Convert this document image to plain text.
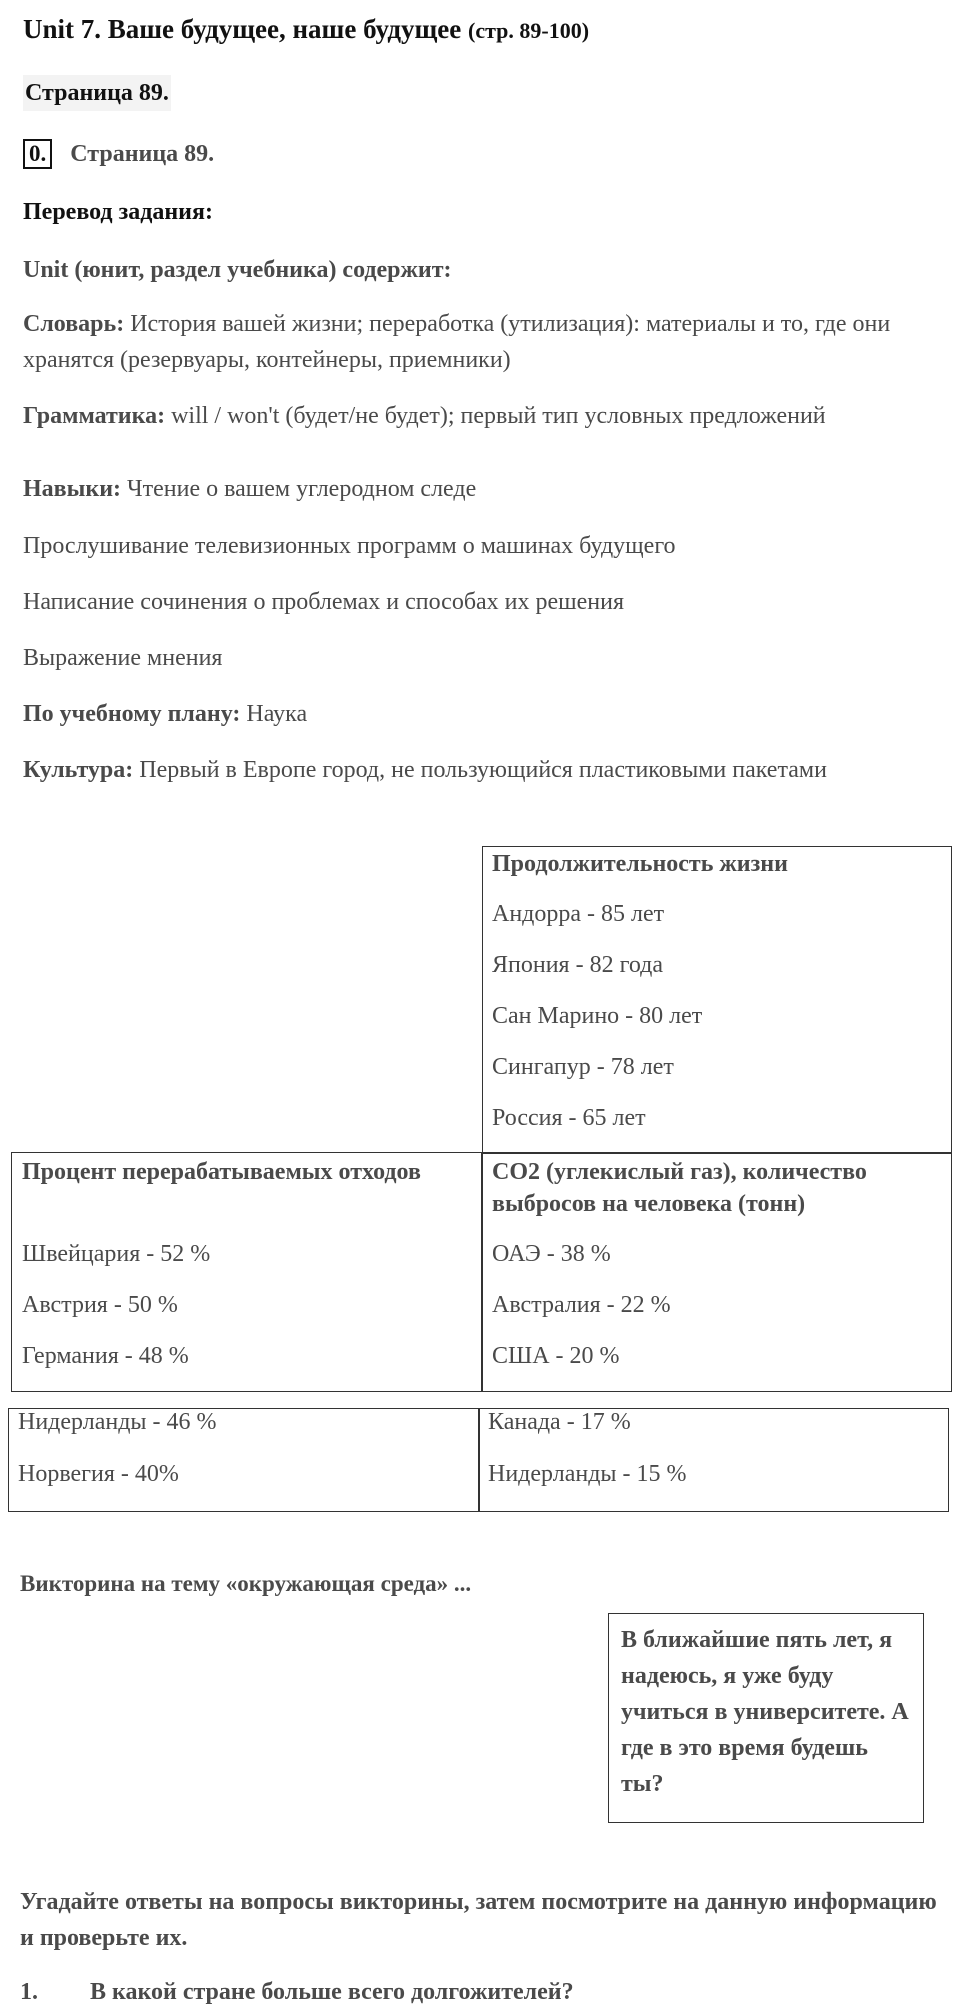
Unit 7. Ваше будущее, наше будущее (стр. 89-100)
Страница 89.
0. Страница 89.
Перевод задания:
Unit (юнит, раздел учебника) содержит:
Словарь: История вашей жизни; переработка (утилизация): материалы и то, где они хранятся (резервуары, контейнеры, приемники)
Грамматика: will / won't (будет/не будет); первый тип условных предложений
Навыки: Чтение о вашем углеродном следе
Прослушивание телевизионных программ о машинах будущего
Написание сочинения о проблемах и способах их решения
Выражение мнения
По учебному плану: Наука
Культура: Первый в Европе город, не пользующийся пластиковыми пакетами
Продолжительность жизни
Андорра - 85 лет
Япония - 82 года
Сан Марино - 80 лет
Сингапур - 78 лет
Россия - 65 лет
Процент перерабатываемых отходов
Швейцария - 52 %
Австрия - 50 %
Германия - 48 %
СО2 (углекислый газ), количество выбросов на человека (тонн)
ОАЭ - 38 %
Австралия - 22 %
США - 20 %
Нидерланды - 46 %
Норвегия - 40%
Канада - 17 %
Нидерланды - 15 %
Викторина на тему «окружающая среда» ...
В ближайшие пять лет, я надеюсь, я уже буду учиться в университете. А где в это время будешь ты?
Угадайте ответы на вопросы викторины, затем посмотрите на данную информацию и проверьте их.
1. В какой стране больше всего долгожителей?
